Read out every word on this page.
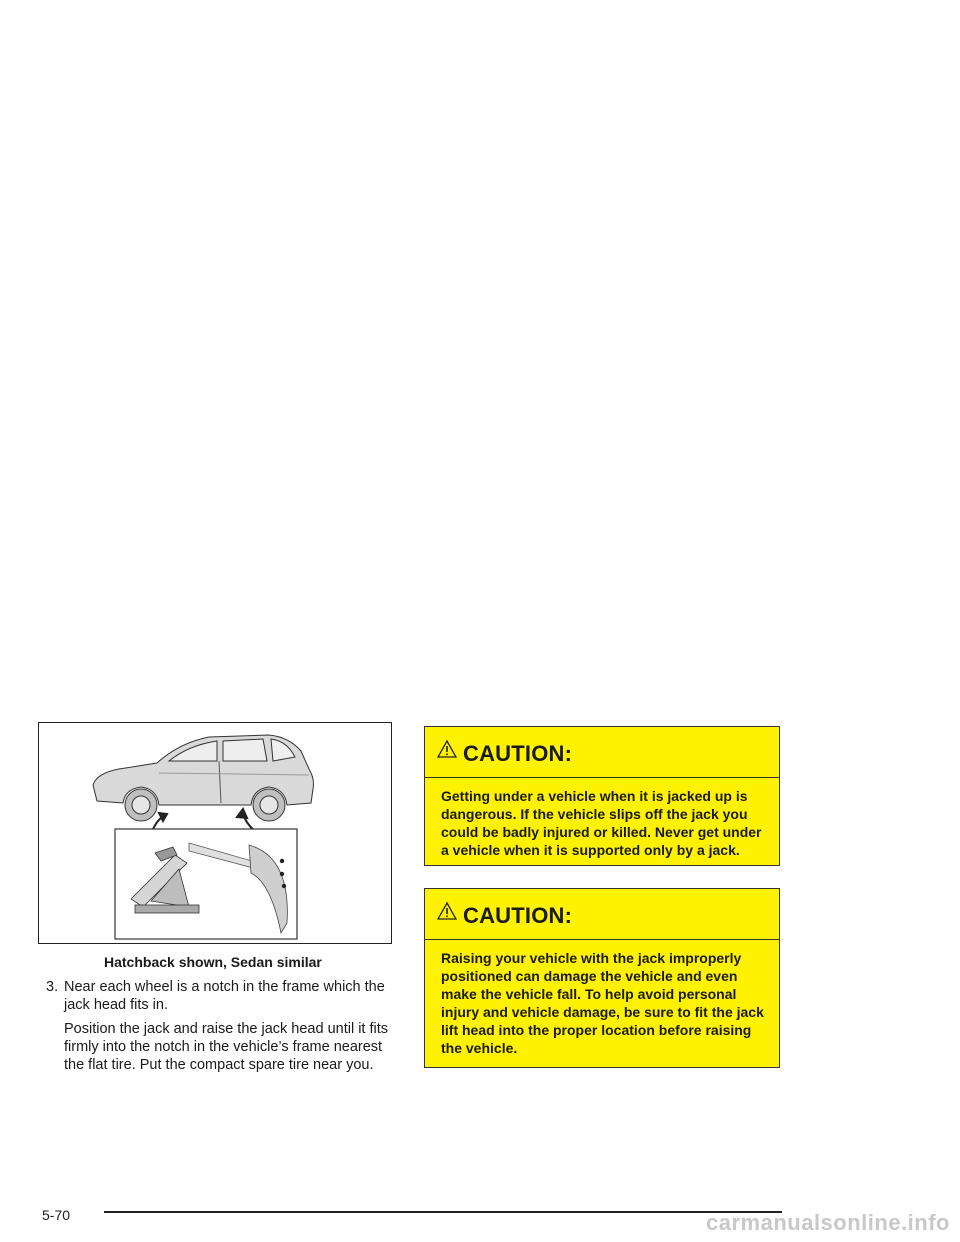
Hatchback shown, Sedan similar
3. Near each wheel is a notch in the frame which the jack head fits in.

Position the jack and raise the jack head until it fits firmly into the notch in the vehicle’s frame nearest the flat tire. Put the compact spare tire near you.

CAUTION:
Getting under a vehicle when it is jacked up is dangerous. If the vehicle slips off the jack you could be badly injured or killed. Never get under a vehicle when it is supported only by a jack.
CAUTION:
Raising your vehicle with the jack improperly positioned can damage the vehicle and even make the vehicle fall. To help avoid personal injury and vehicle damage, be sure to fit the jack lift head into the proper location before raising the vehicle.
5-70	carmanualsonline.info
